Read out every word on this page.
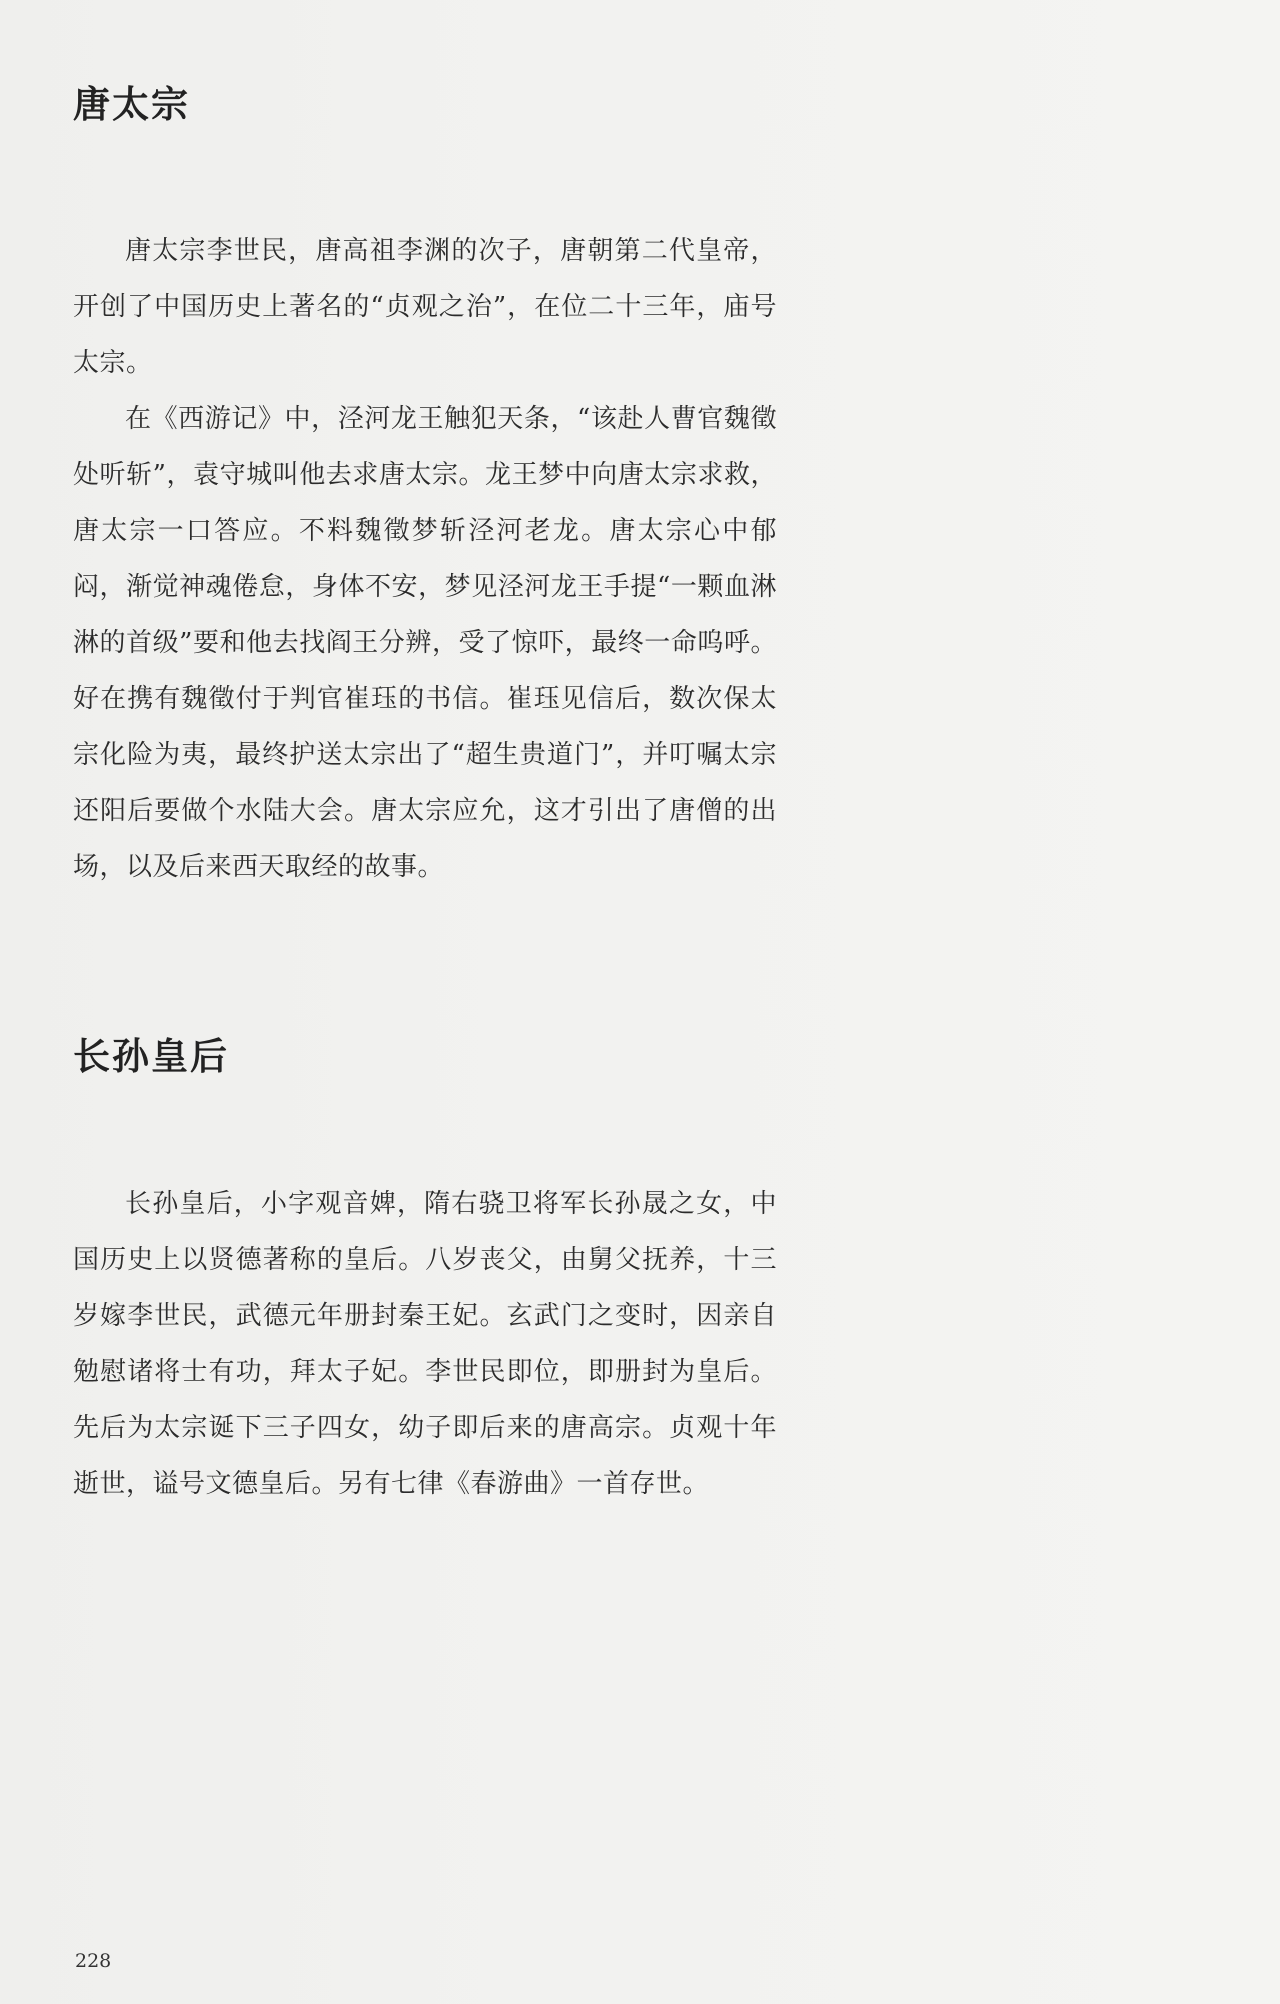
唐太宗

唐太宗李世民，唐高祖李渊的次子，唐朝第二代皇帝，开创了中国历史上著名的“贞观之治”，在位二十三年，庙号太宗。

在《西游记》中，泾河龙王触犯天条，“该赴人曹官魏徵处听斩”，袁守城叫他去求唐太宗。龙王梦中向唐太宗求救，唐太宗一口答应。不料魏徵梦斩泾河老龙。唐太宗心中郁闷，渐觉神魂倦怠，身体不安，梦见泾河龙王手提“一颗血淋淋的首级”要和他去找阎王分辨，受了惊吓，最终一命呜呼。好在携有魏徵付于判官崔珏的书信。崔珏见信后，数次保太宗化险为夷，最终护送太宗出了“超生贵道门”，并叮嘱太宗还阳后要做个水陆大会。唐太宗应允，这才引出了唐僧的出场，以及后来西天取经的故事。

长孙皇后

长孙皇后，小字观音婢，隋右骁卫将军长孙晟之女，中国历史上以贤德著称的皇后。八岁丧父，由舅父抚养，十三岁嫁李世民，武德元年册封秦王妃。玄武门之变时，因亲自勉慰诸将士有功，拜太子妃。李世民即位，即册封为皇后。先后为太宗诞下三子四女，幼子即后来的唐高宗。贞观十年逝世，谥号文德皇后。另有七律《春游曲》一首存世。

228
